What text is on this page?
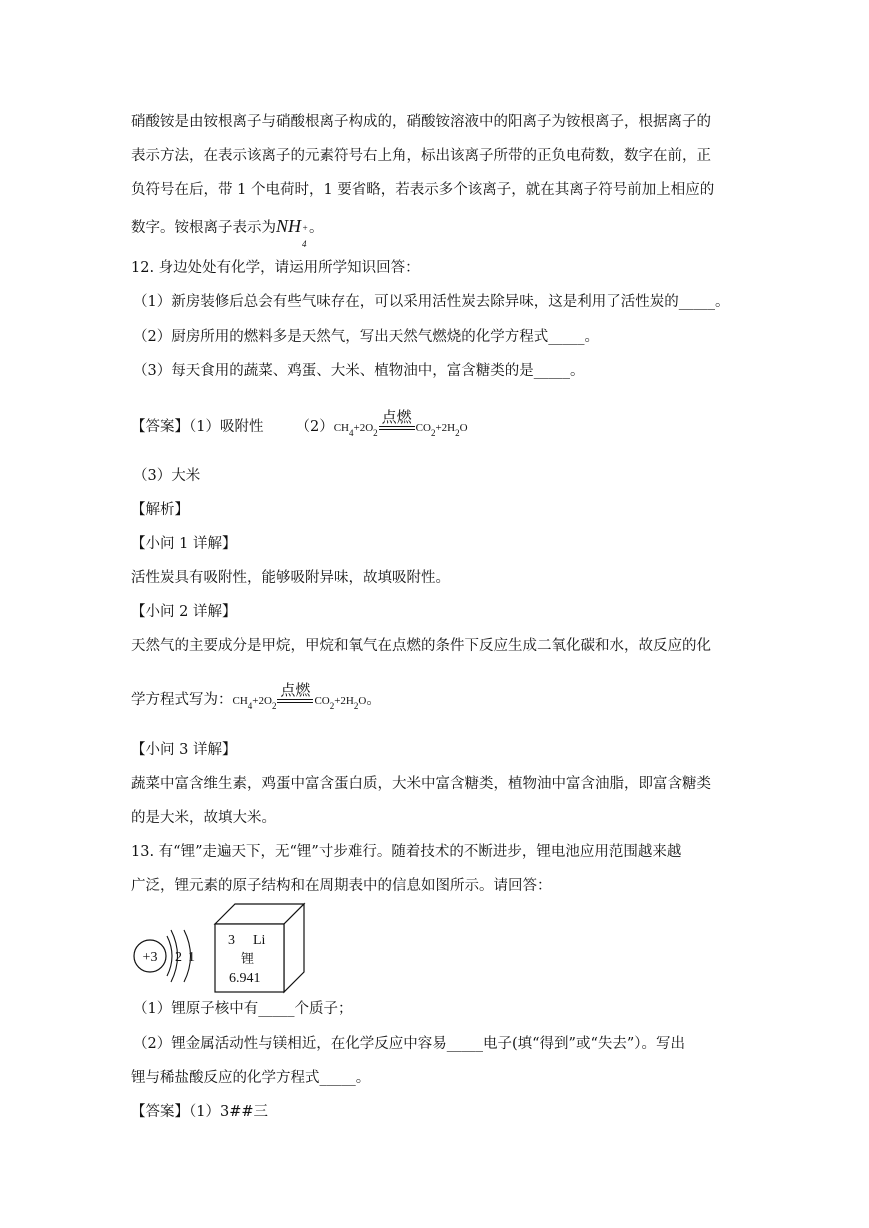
硝酸铵是由铵根离子与硝酸根离子构成的，硝酸铵溶液中的阳离子为铵根离子，根据离子的
表示方法，在表示该离子的元素符号右上角，标出该离子所带的正负电荷数，数字在前，正
负符号在后，带 1 个电荷时，1 要省略，若表示多个该离子，就在其离子符号前加上相应的
数字。铵根离子表示为NH +
4
。
12. 身边处处有化学，请运用所学知识回答：
（1）新房装修后总会有些气味存在，可以采用活性炭去除异味，这是利用了活性炭的_____。
（2）厨房所用的燃料多是天然气，写出天然气燃烧的化学方程式_____。
（3）每天食用的蔬菜、鸡蛋、大米、植物油中，富含糖类的是_____。
【答案】（1）吸附性 $(2)CH_4+2O_2$
点燃
$CO_2+2H_2O$
（3）大米
【解析】
【小问 1 详解】
活性炭具有吸附性，能够吸附异味，故填吸附性。
【小问 2 详解】
天然气的主要成分是甲烷，甲烷和氧气在点燃的条件下反应生成二氧化碳和水，故反应的化
学方程式写为：$CH_4+2O_2$
点燃
$CO_2+2H_2O$。
【小问 3 详解】
蔬菜中富含维生素，鸡蛋中富含蛋白质，大米中富含糖类，植物油中富含油脂，即富含糖类
的是大米，故填大米。
13. 有“锂”走遍天下，无“锂”寸步难行。随着技术的不断进步，锂电池应用范围越来越
广泛，锂元素的原子结构和在周期表中的信息如图所示。请回答：
+3 2 1
3 Li
锂
6.941
（1）锂原子核中有_____个质子；
（2）锂金属活动性与镁相近，在化学反应中容易_____电子(填“得到”或“失去”）。写出
锂与稀盐酸反应的化学方程式_____。
【答案】（1）3##三
